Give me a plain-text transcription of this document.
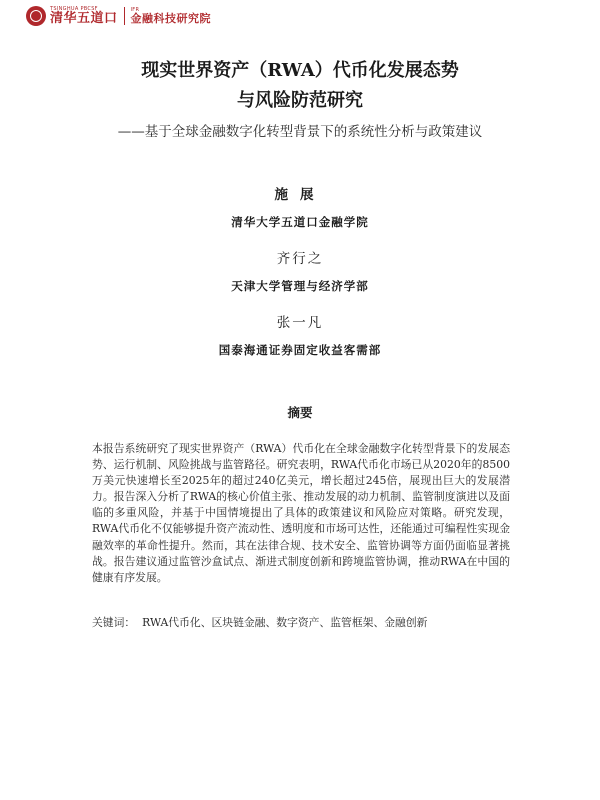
TSINGHUA PBCSF
清华五道口
IFR
金融科技研究院
现实世界资产（RWA）代币化发展态势
与风险防范研究
——基于全球金融数字化转型背景下的系统性分析与政策建议
施展
清华大学五道口金融学院
齐行之
天津大学管理与经济学部
张一凡
国泰海通证券固定收益客需部
摘要
本报告系统研究了现实世界资产（RWA）代币化在全球金融数字化转型背景下的发展态势、运行机制、风险挑战与监管路径。研究表明，RWA代币化市场已从2020年的8500万美元快速增长至2025年的超过240亿美元，增长超过245倍，展现出巨大的发展潜力。报告深入分析了RWA的核心价值主张、推动发展的动力机制、监管制度演进以及面临的多重风险，并基于中国情境提出了具体的政策建议和风险应对策略。研究发现，RWA代币化不仅能够提升资产流动性、透明度和市场可达性，还能通过可编程性实现金融效率的革命性提升。然而，其在法律合规、技术安全、监管协调等方面仍面临显著挑战。报告建议通过监管沙盒试点、渐进式制度创新和跨境监管协调，推动RWA在中国的健康有序发展。
关键词： RWA代币化、区块链金融、数字资产、监管框架、金融创新
